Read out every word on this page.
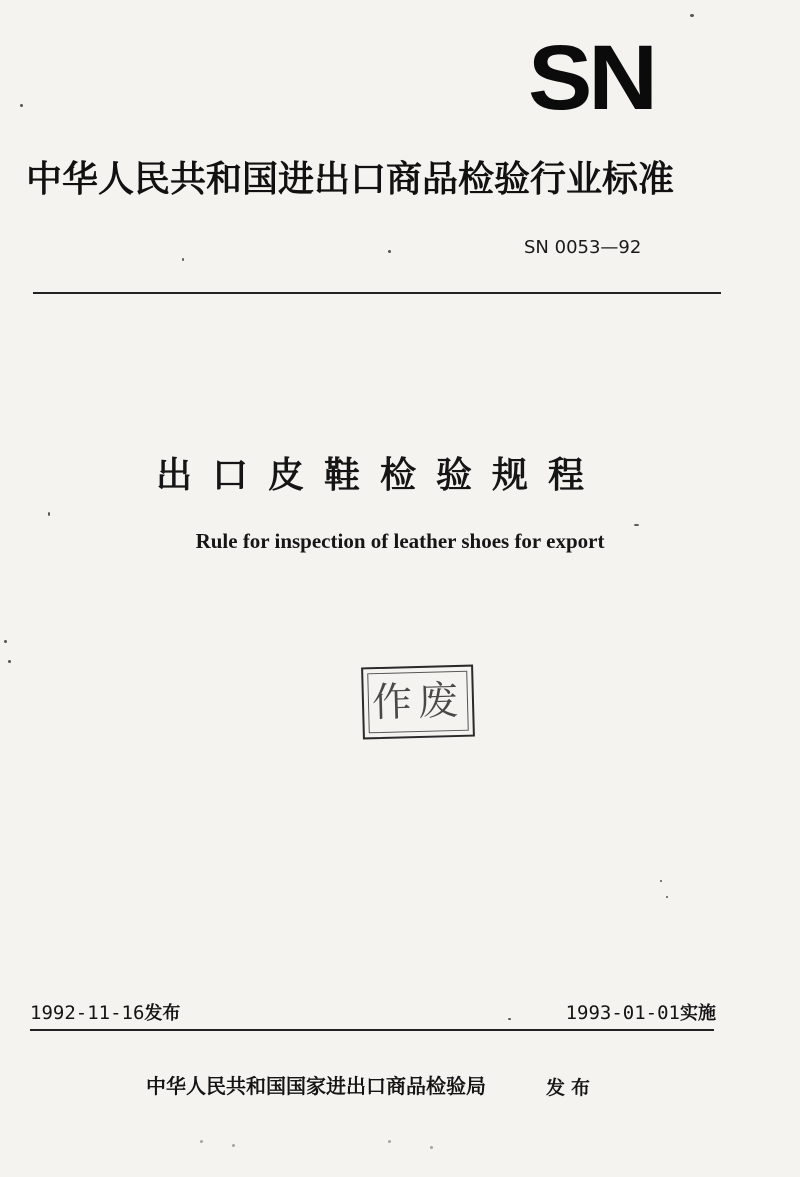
SN
中华人民共和国进出口商品检验行业标准
SN 0053—92
出口皮鞋检验规程
Rule for inspection of leather shoes for export
作废
1992-11-16发布	1993-01-01实施
中华人民共和国国家进出口商品检验局	发布
